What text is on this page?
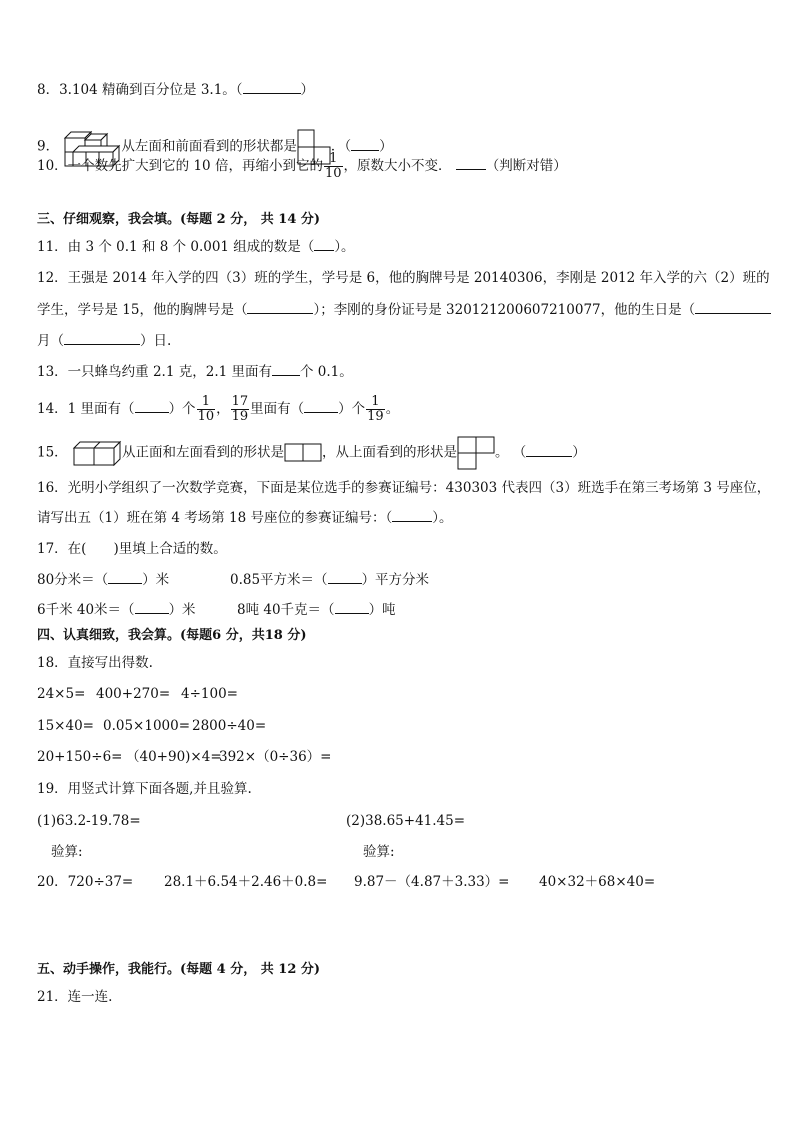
8．3.104 精确到百分位是 3.1。（	）
9．	从左面和前面看到的形状都是	．（ ）
10．一个数先扩大到它的 10 倍，再缩小到它的 $\frac{1}{10}$ ，原数大小不变．	（判断对错）
三、仔细观察，我会填。(每题 2 分， 共 14 分)
11．由 3 个 0.1 和 8 个 0.001 组成的数是（ ）。
12．王强是 2014 年入学的四（3）班的学生，学号是 6，他的胸牌号是 20140306，李刚是 2012 年入学的六（2）班的
学生，学号是 15，他的胸牌号是（	）；李刚的身份证号是 320121200607210077，他的生日是（
月（	）日.
13．一只蜂鸟约重 2.1 克，2.1 里面有 个 0.1。
14．1 里面有（	）个 $\frac{1}{10}$ ， $\frac{17}{19}$ 里面有（	）个 $\frac{1}{19}$ 。
15．	从正面和左面看到的形状是	，从上面看到的形状是	。 （	）
16．光明小学组织了一次数学竞赛，下面是某位选手的参赛证编号：430303 代表四（3）班选手在第三考场第 3 号座位，
请写出五（1）班在第 4 考场第 18 号座位的参赛证编号：（	）。
17．在(　　)里填上合适的数。
80分米＝（	）米	0.85平方米＝（	）平方分米
6千米 40米＝（	）米	8吨 40千克＝（	）吨
四、认真细致，我会算。(每题6 分，共18 分)
18．直接写出得数.
24×5= 400+270= 4÷100=
15×40= 0.05×1000= 2800÷40=
20+150÷6= （40+90)×4=
392×（0÷36）=
19．用竖式计算下面各题,并且验算.
(1)63.2-19.78=	(2)38.65+41.45=
验算:	验算:
20．720÷37= 28.1＋6.54＋2.46＋0.8= 9.87－（4.87＋3.33）= 40×32＋68×40=
五、动手操作，我能行。(每题 4 分， 共 12 分)
21．连一连.
